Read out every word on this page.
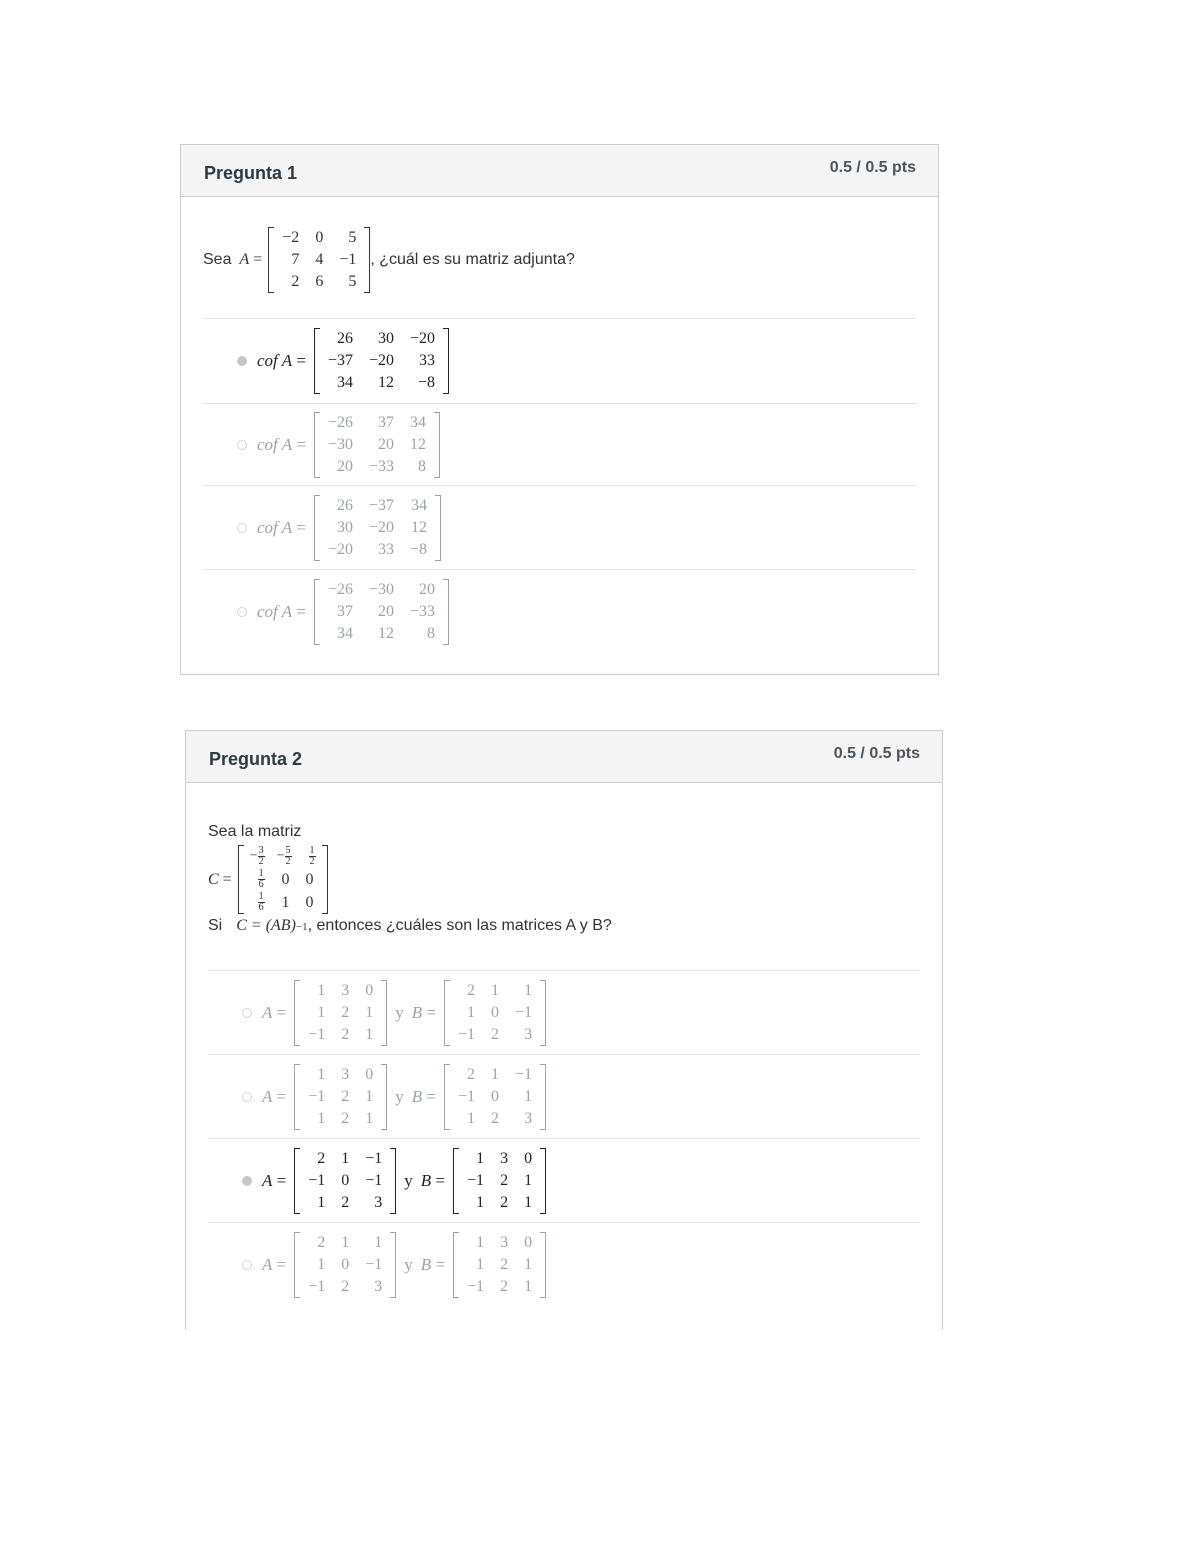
Pregunta 1	0.5 / 0.5 pts
Sea A =
−2	0	5
7	4	−1
2	6	5
, ¿cuál es su matriz adjunta?
cof A =
26	30	−20
−37	−20	33
34	12	−8
cof A =
−26	37	34
−30	20	12
20	−33	8
cof A =
26	−37	34
30	−20	12
−20	33	−8
cof A =
−26	−30	20
37	20	−33
34	12	8
Pregunta 2	0.5 / 0.5 pts
Sea la matriz
C =
− $\frac{3}{2}$	− $\frac{5}{2}$	$\frac{1}{2}$

$\frac{1}{6}$	0	0

$\frac{1}{6}$	1	0
Si C = (AB) −1 , entonces ¿cuáles son las matrices A y B?
A =
1	3	0
1	2	1
−1	2	1
y B =
2	1	1
1	0	−1
−1	2	3
A =
1	3	0
−1	2	1
1	2	1
y B =
2	1	−1
−1	0	1
1	2	3
A =
2	1	−1
−1	0	−1
1	2	3
y B =
1	3	0
−1	2	1
1	2	1
A =
2	1	1
1	0	−1
−1	2	3
y B =
1	3	0
1	2	1
−1	2	1
